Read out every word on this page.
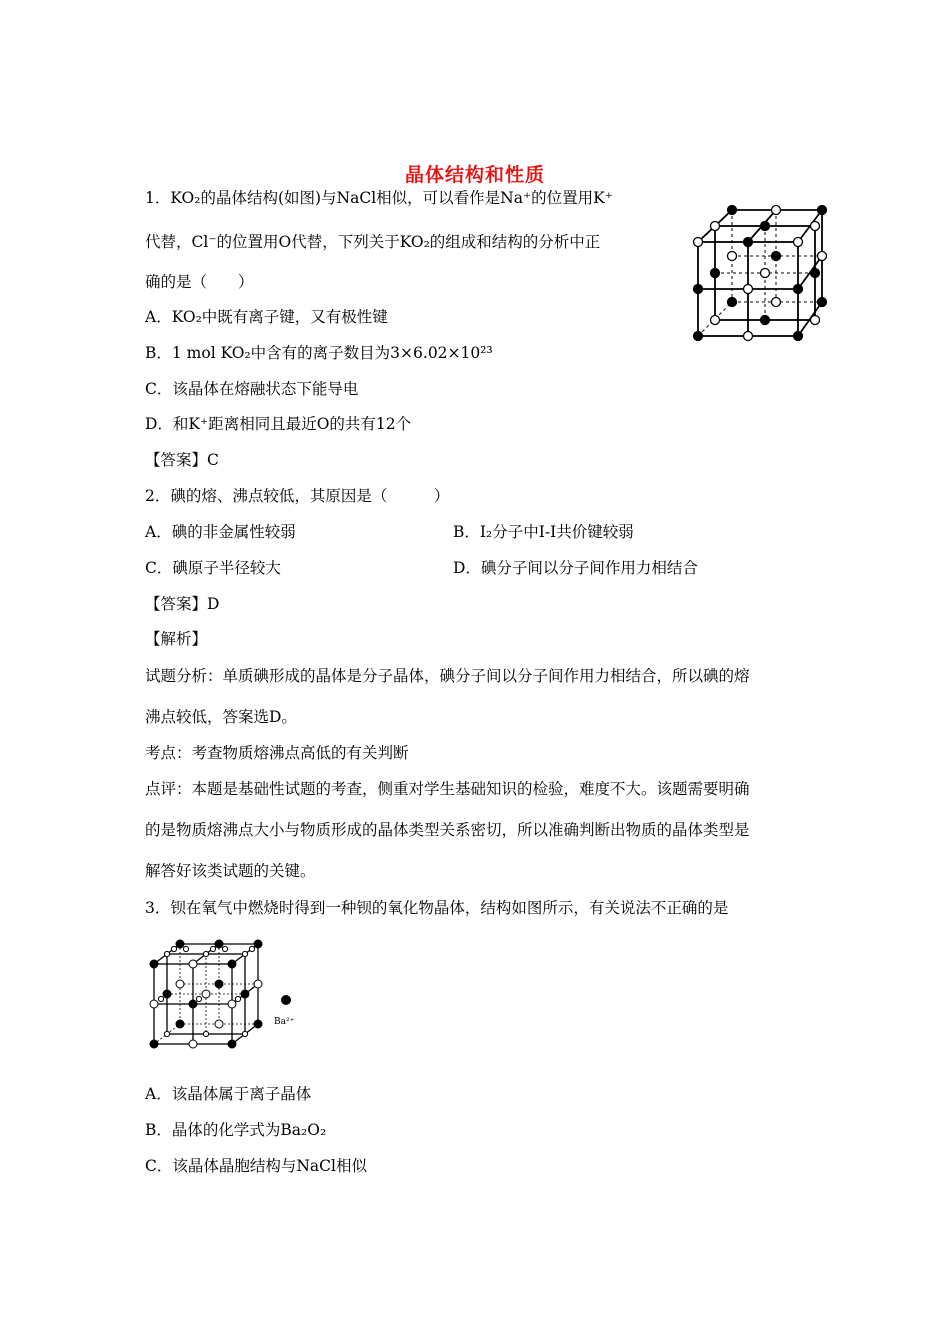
晶体结构和性质
1．KO₂的晶体结构(如图)与NaCl相似，可以看作是Na⁺的位置用K⁺
代替，Cl⁻的位置用O代替，下列关于KO₂的组成和结构的分析中正
确的是（　　）
A．KO₂中既有离子键，又有极性键
B．1 mol KO₂中含有的离子数目为3×6.02×10²³
C．该晶体在熔融状态下能导电
D．和K⁺距离相同且最近O的共有12个
【答案】C
2．碘的熔、沸点较低，其原因是（　　　）
A．碘的非金属性较弱	B．I₂分子中I-I共价键较弱
C．碘原子半径较大	D．碘分子间以分子间作用力相结合
【答案】D
【解析】
试题分析：单质碘形成的晶体是分子晶体，碘分子间以分子间作用力相结合，所以碘的熔
沸点较低，答案选D。
考点：考查物质熔沸点高低的有关判断
点评：本题是基础性试题的考查，侧重对学生基础知识的检验，难度不大。该题需要明确
的是物质熔沸点大小与物质形成的晶体类型关系密切，所以准确判断出物质的晶体类型是
解答好该类试题的关键。
3．钡在氧气中燃烧时得到一种钡的氧化物晶体，结构如图所示，有关说法不正确的是
Ba²⁺
A．该晶体属于离子晶体
B．晶体的化学式为Ba₂O₂
C．该晶体晶胞结构与NaCl相似
